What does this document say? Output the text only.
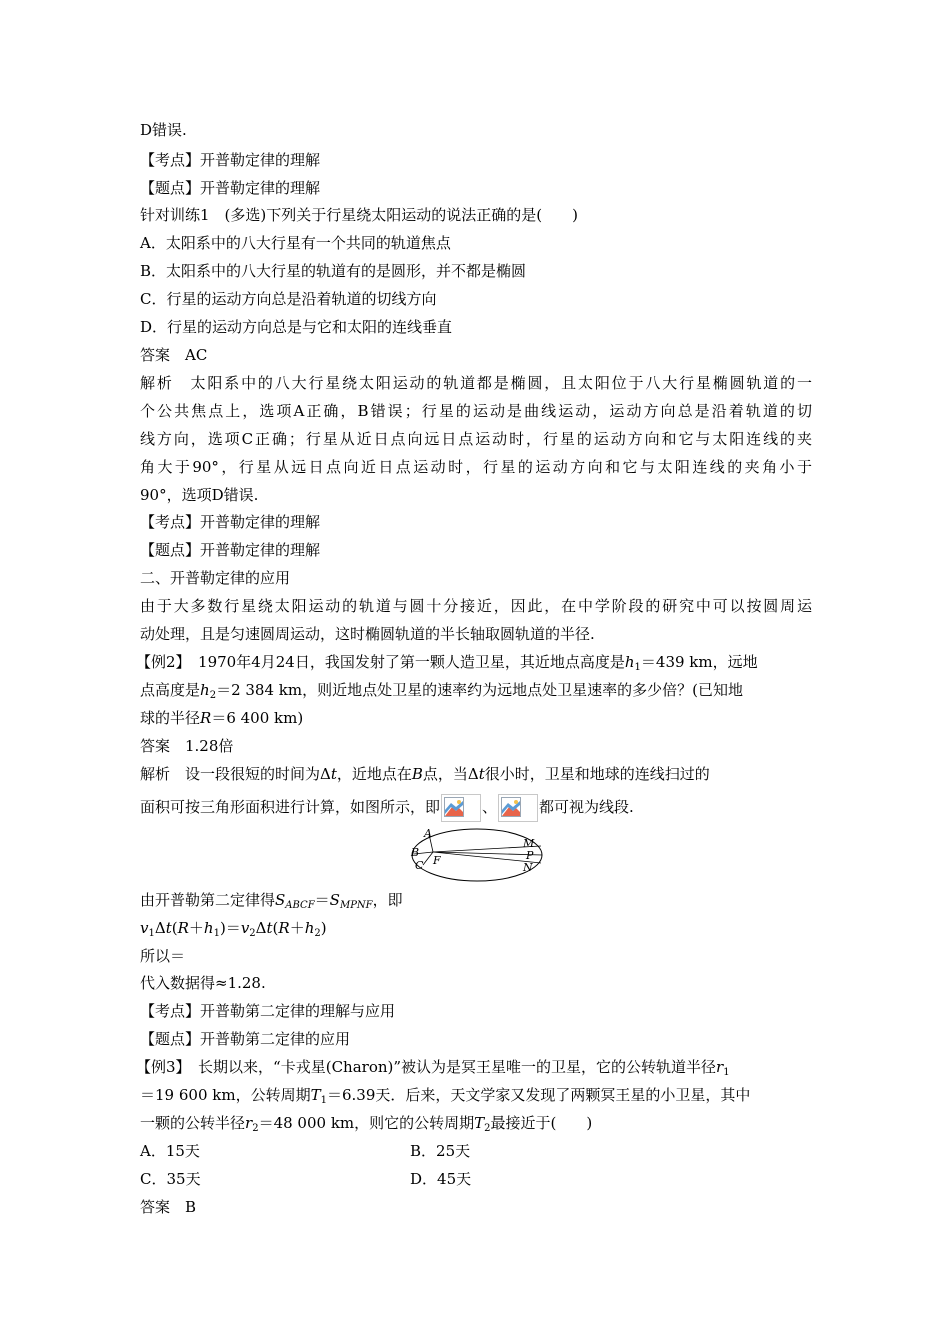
D错误.
【考点】开普勒定律的理解
【题点】开普勒定律的理解
针对训练1　(多选)下列关于行星绕太阳运动的说法正确的是(　　)
A．太阳系中的八大行星有一个共同的轨道焦点
B．太阳系中的八大行星的轨道有的是圆形，并不都是椭圆
C．行星的运动方向总是沿着轨道的切线方向
D．行星的运动方向总是与它和太阳的连线垂直
答案　AC
解析　太阳系中的八大行星绕太阳运动的轨道都是椭圆，且太阳位于八大行星椭圆轨道的一
个公共焦点上，选项A正确，B错误；行星的运动是曲线运动，运动方向总是沿着轨道的切
线方向，选项C正确；行星从近日点向远日点运动时，行星的运动方向和它与太阳连线的夹
角大于90°，行星从远日点向近日点运动时，行星的运动方向和它与太阳连线的夹角小于
90°，选项D错误.
【考点】开普勒定律的理解
【题点】开普勒定律的理解
二、开普勒定律的应用
由于大多数行星绕太阳运动的轨道与圆十分接近，因此，在中学阶段的研究中可以按圆周运
动处理，且是匀速圆周运动，这时椭圆轨道的半长轴取圆轨道的半径.
【例2】　1970年4月24日，我国发射了第一颗人造卫星，其近地点高度是$h_1=439$ km，远地
点高度是$h_2=2$ 384 km，则近地点处卫星的速率约为远地点处卫星速率的多少倍？(已知地
球的半径R＝6 400 km)
答案　1.28倍
解析　设一段很短的时间为Δt，近地点在B点，当Δt很小时，卫星和地球的连线扫过的
面积可按三角形面积进行计算，如图所示，即	、	都可视为线段.
A
B
C F
M
P
N
由开普勒第二定律得$S_{ABCF}=S_{MPNF}$，即
$v_1\Delta t(R+h_1)=v_2\Delta t(R+h_2)$
所以＝
代入数据得≈1.28.
【考点】开普勒第二定律的理解与应用
【题点】开普勒第二定律的应用
【例3】　长期以来，“卡戎星(Charon)”被认为是冥王星唯一的卫星，它的公转轨道半径$r_1$
＝19 600 km，公转周期$T_1=6.39$天．后来，天文学家又发现了两颗冥王星的小卫星，其中
一颗的公转半径$r_2=48$ 000 km，则它的公转周期$T_2$最接近于(　　)
A．15天	B．25天
C．35天	D．45天
答案　B
